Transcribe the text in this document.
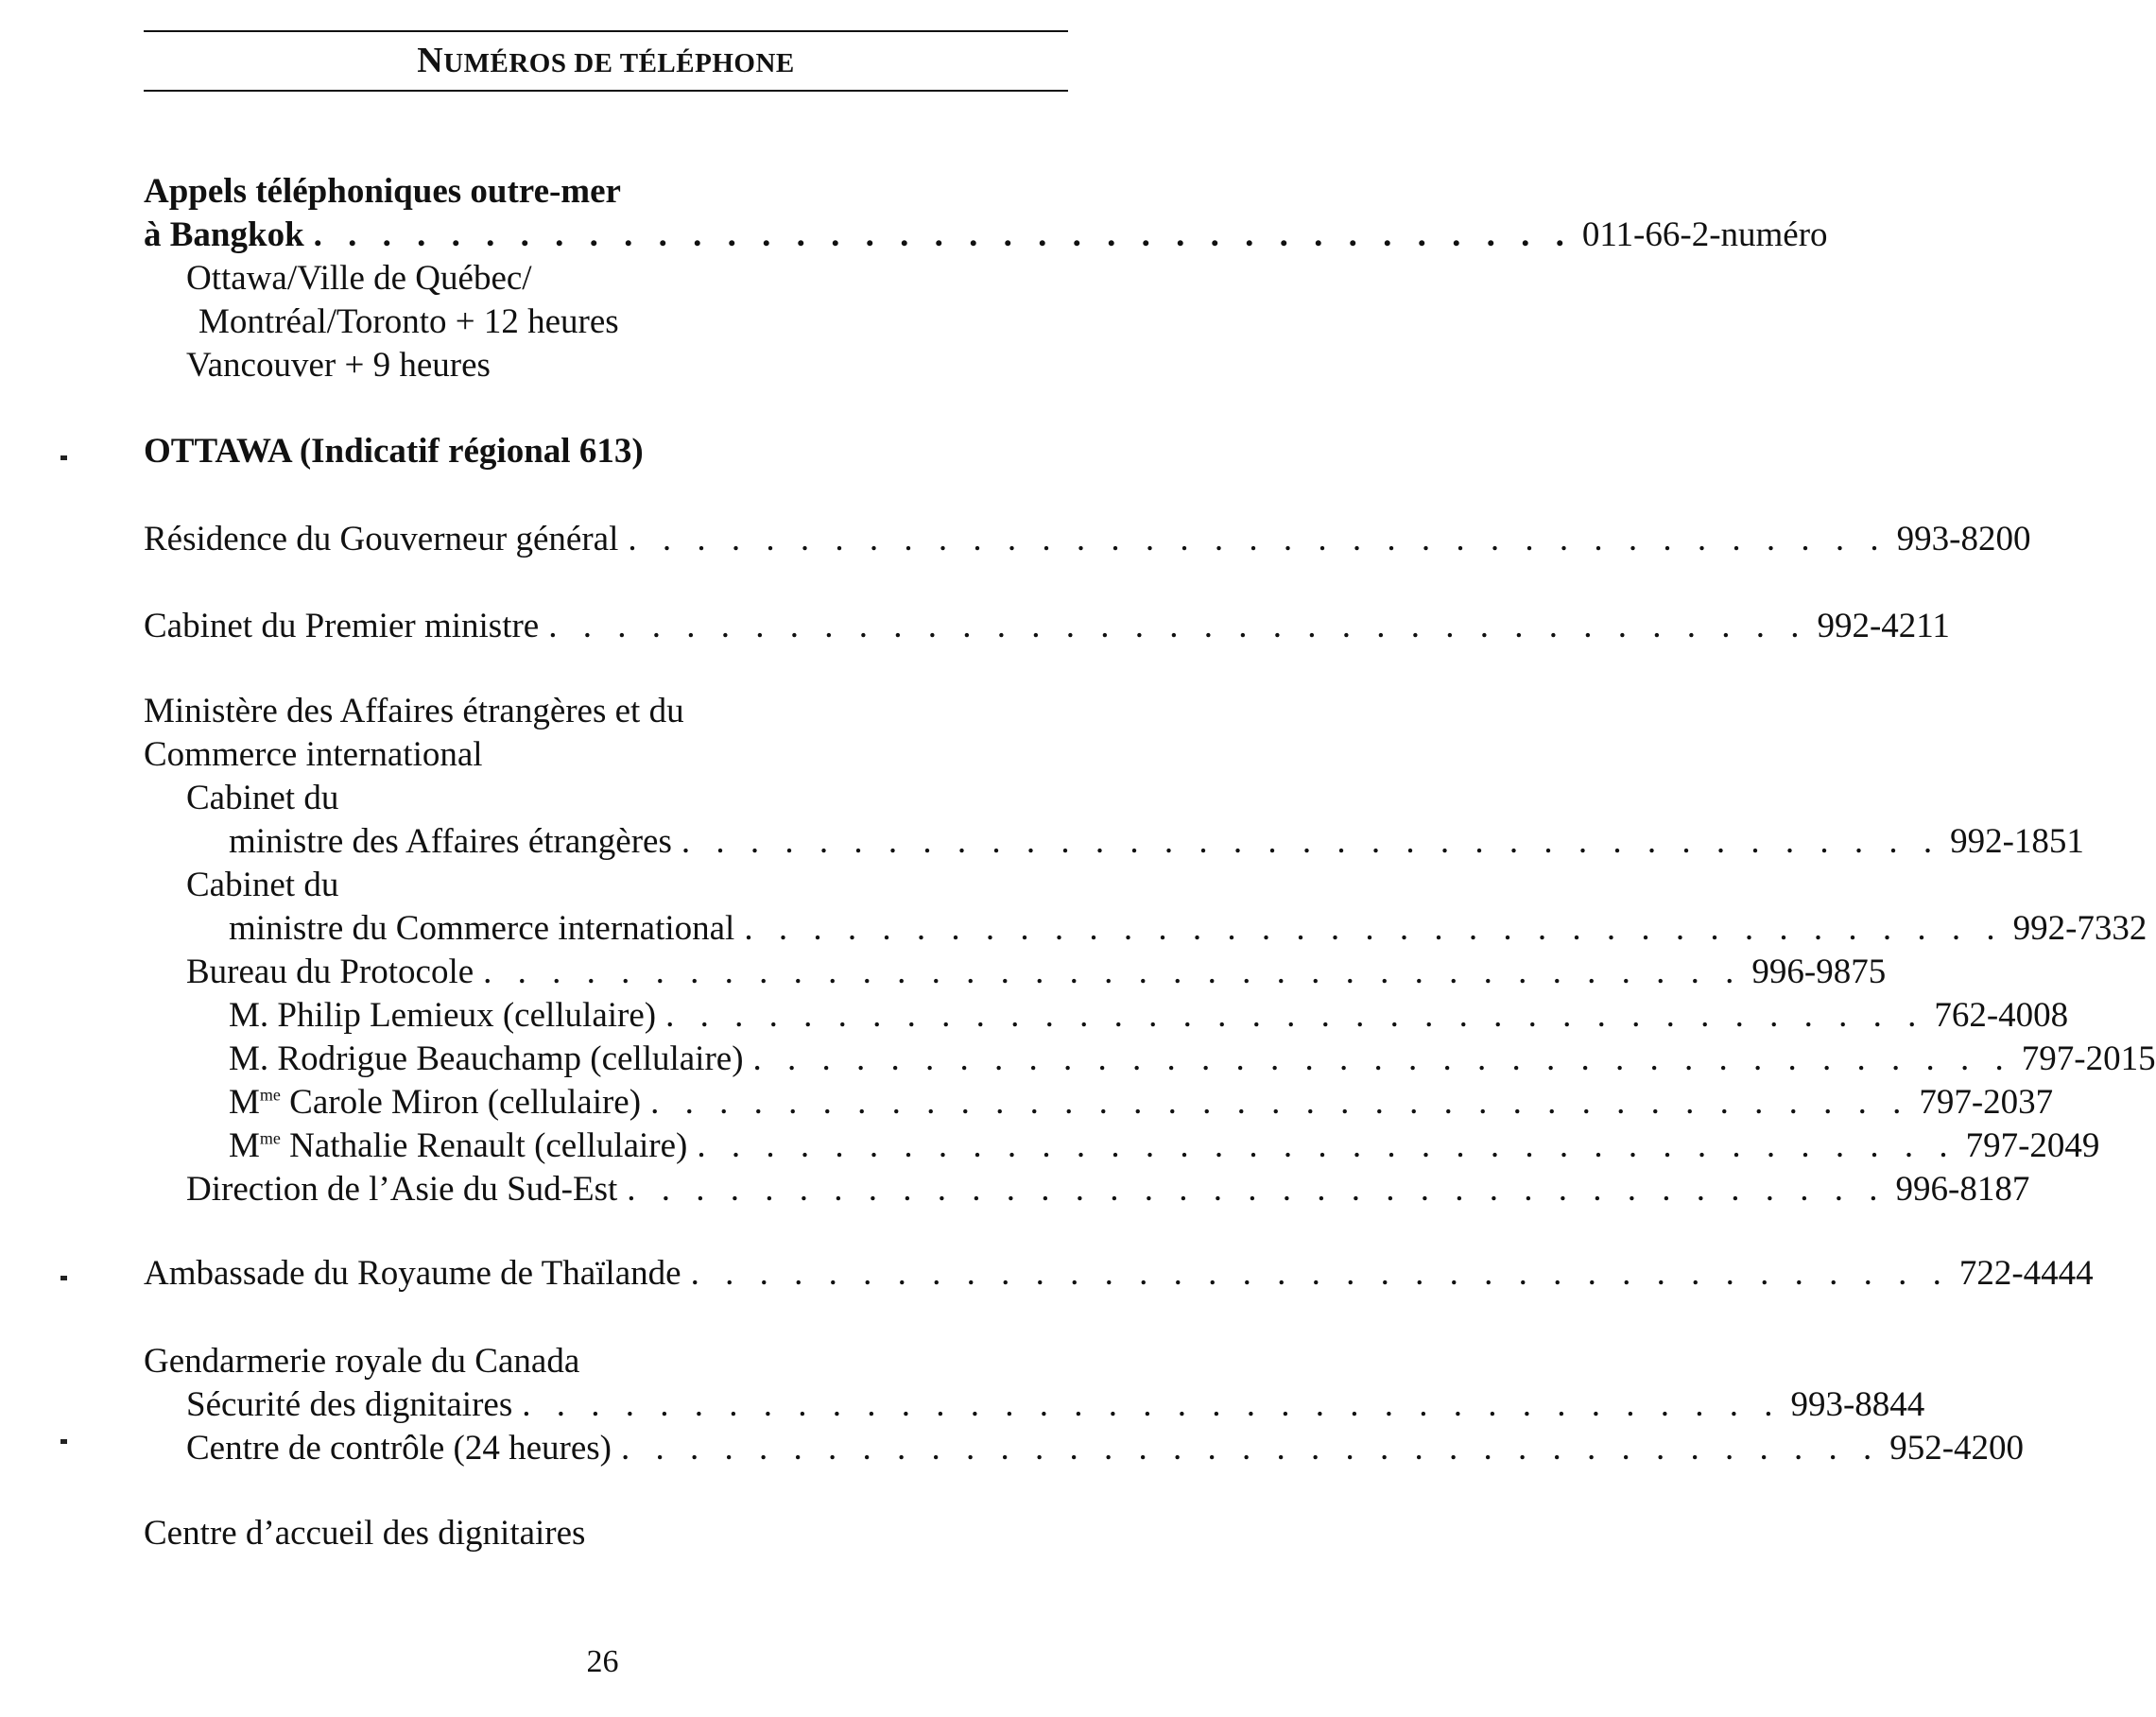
NUMÉROS DE TÉLÉPHONE
Appels téléphoniques outre-mer
à Bangkok . . . . . . . . . . . . . . . . . . . . . . . . . . . . . . . . . . . . . 011-66-2-numéro
Ottawa/Ville de Québec/
Montréal/Toronto + 12 heures
Vancouver + 9 heures
OTTAWA (Indicatif régional 613)
Résidence du Gouverneur général . . . . . . . . . . . . . . . . . . . . . . . . . . . . . . . . . . . . . 993-8200
Cabinet du Premier ministre . . . . . . . . . . . . . . . . . . . . . . . . . . . . . . . . . . . . . 992-4211
Ministère des Affaires étrangères et du
Commerce international
Cabinet du
ministre des Affaires étrangères . . . . . . . . . . . . . . . . . . . . . . . . . . . . . . . . . . . . . 992-1851
Cabinet du
ministre du Commerce international . . . . . . . . . . . . . . . . . . . . . . . . . . . . . . . . . . . . . 992-7332
Bureau du Protocole . . . . . . . . . . . . . . . . . . . . . . . . . . . . . . . . . . . . . 996-9875
M. Philip Lemieux (cellulaire) . . . . . . . . . . . . . . . . . . . . . . . . . . . . . . . . . . . . . 762-4008
M. Rodrigue Beauchamp (cellulaire) . . . . . . . . . . . . . . . . . . . . . . . . . . . . . . . . . . . . . 797-2015
$M^{me}$ Carole Miron (cellulaire) . . . . . . . . . . . . . . . . . . . . . . . . . . . . . . . . . . . . . 797-2037
$M^{me}$ Nathalie Renault (cellulaire) . . . . . . . . . . . . . . . . . . . . . . . . . . . . . . . . . . . . . 797-2049
Direction de l’Asie du Sud-Est . . . . . . . . . . . . . . . . . . . . . . . . . . . . . . . . . . . . . 996-8187
Ambassade du Royaume de Thaïlande . . . . . . . . . . . . . . . . . . . . . . . . . . . . . . . . . . . . . 722-4444
Gendarmerie royale du Canada
Sécurité des dignitaires . . . . . . . . . . . . . . . . . . . . . . . . . . . . . . . . . . . . . 993-8844
Centre de contrôle (24 heures) . . . . . . . . . . . . . . . . . . . . . . . . . . . . . . . . . . . . . 952-4200
Centre d’accueil des dignitaires
26
